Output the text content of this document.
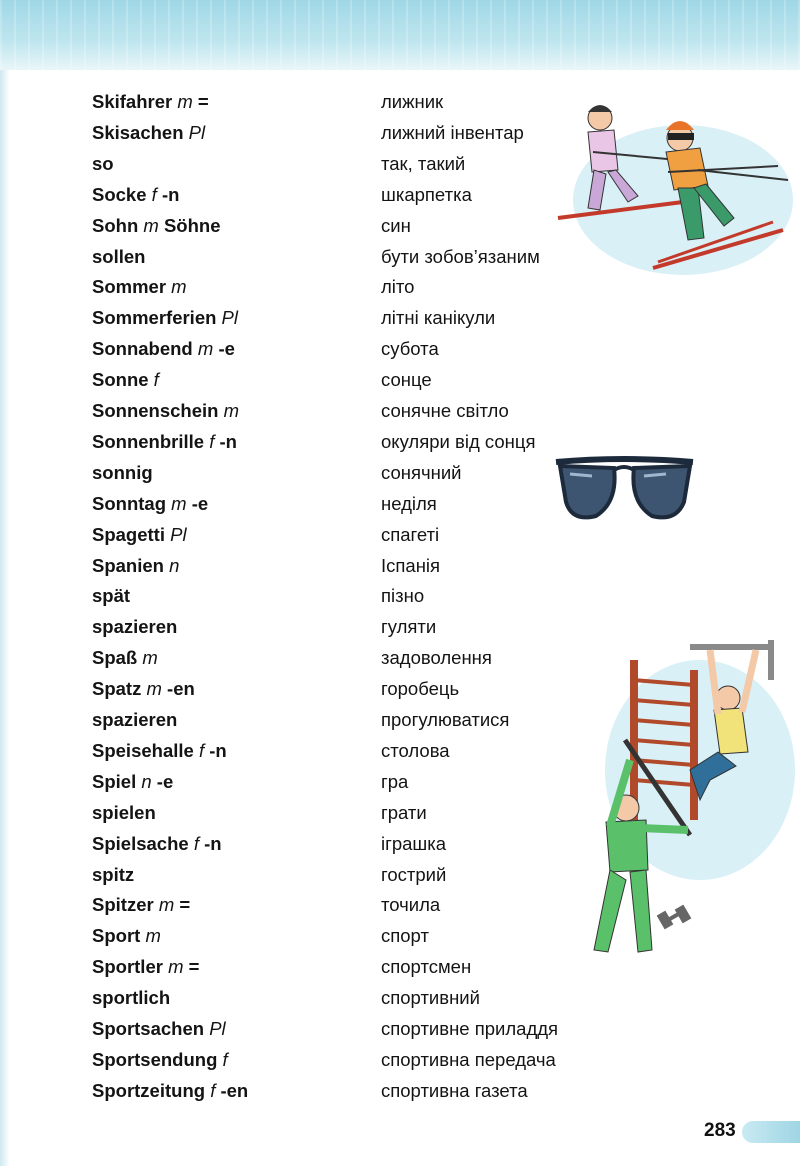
Skifahrer m =	лижник
Skisachen Pl	лижний інвентар
so	так, такий
Socke f -n	шкарпетка
Sohn m Söhne	син
sollen	бути зобов’язаним
Sommer m	літо
Sommerferien Pl	літні канікули
Sonnabend m -e	субота
Sonne f	сонце
Sonnenschein m	сонячне світло
Sonnenbrille f -n	окуляри від сонця
sonnig	сонячний
Sonntag m -e	неділя
Spagetti Pl	спагеті
Spanien n	Іспанія
spät	пізно
spazieren	гуляти
Spaß m	задоволення
Spatz m -en	горобець
spazieren	прогулюватися
Speisehalle f -n	столова
Spiel n -e	гра
spielen	грати
Spielsache f -n	іграшка
spitz	гострий
Spitzer m =	точила
Sport m	спорт
Sportler m =	спортсмен
sportlich	спортивний
Sportsachen Pl	спортивне приладдя
Sportsendung f	спортивна передача
Sportzeitung f -en	спортивна газета
283
